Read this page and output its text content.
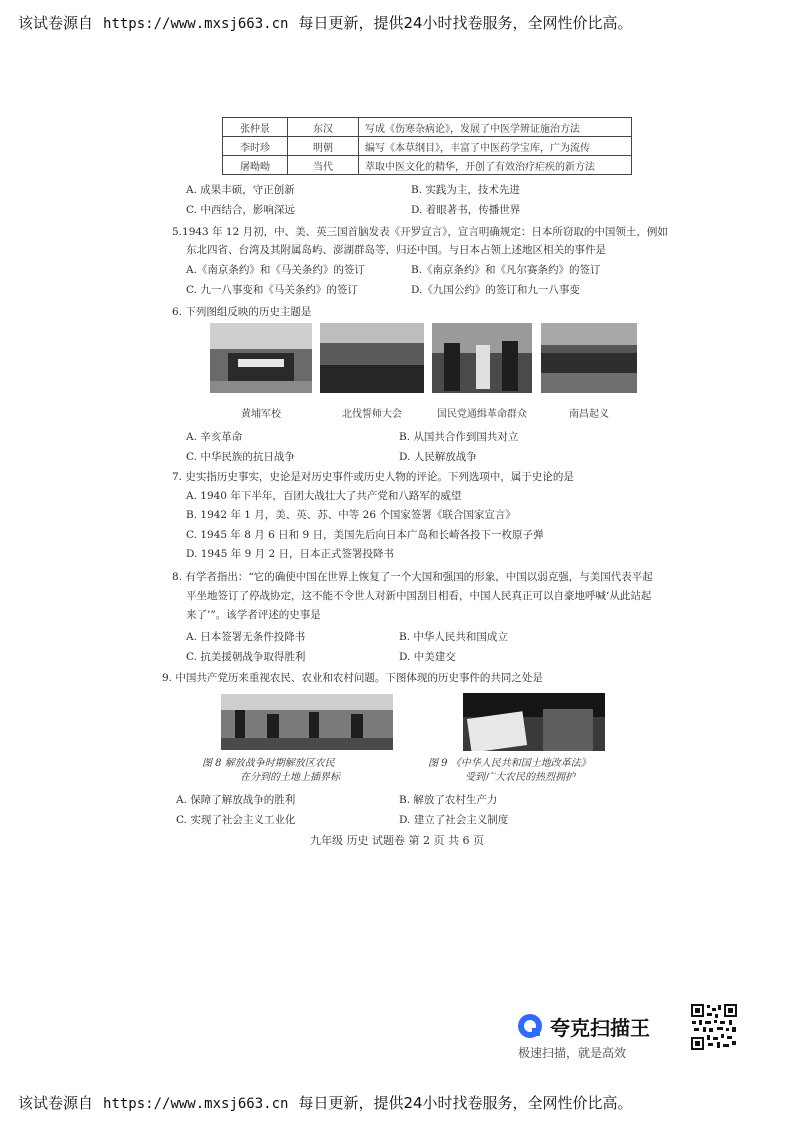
该试卷源自 https://www.mxsj663.cn 每日更新，提供24小时找卷服务，全网性价比高。
张仲景	东汉	写成《伤寒杂病论》，发展了中医学辨证施治方法
李时珍	明朝	编写《本草纲目》，丰富了中医药学宝库，广为流传
屠呦呦	当代	萃取中医文化的精华，开创了有效治疗疟疾的新方法
A. 成果丰硕，守正创新	B. 实践为主，技术先进
C. 中西结合，影响深远	D. 着眼著书，传播世界
5.1943 年 12 月初，中、美、英三国首脑发表《开罗宣言》，宣言明确规定：日本所窃取的中国领土，例如
东北四省、台湾及其附属岛屿、澎湖群岛等，归还中国。与日本占领上述地区相关的事件是
A.《南京条约》和《马关条约》的签订	B.《南京条约》和《凡尔赛条约》的签订
C. 九一八事变和《马关条约》的签订	D.《九国公约》的签订和九一八事变
6. 下列图组反映的历史主题是
黄埔军校	北伐誓师大会	国民党通缉革命群众	南昌起义
A. 辛亥革命	B. 从国共合作到国共对立
C. 中华民族的抗日战争	D. 人民解放战争
7. 史实指历史事实，史论是对历史事件或历史人物的评论。下列选项中，属于史论的是
A. 1940 年下半年，百团大战壮大了共产党和八路军的威望
B. 1942 年 1 月，美、英、苏、中等 26 个国家签署《联合国家宣言》
C. 1945 年 8 月 6 日和 9 日，美国先后向日本广岛和长崎各投下一枚原子弹
D. 1945 年 9 月 2 日，日本正式签署投降书
8. 有学者指出：“它的确使中国在世界上恢复了一个大国和强国的形象，中国以弱克强，与美国代表平起
平坐地签订了停战协定，这不能不令世人对新中国刮目相看，中国人民真正可以自豪地呼喊‘从此站起
来了’”。该学者评述的史事是
A. 日本签署无条件投降书	B. 中华人民共和国成立
C. 抗美援朝战争取得胜利	D. 中美建交
9. 中国共产党历来重视农民、农业和农村问题。下图体现的历史事件的共同之处是
图 8 解放战争时期解放区农民
在分到的土地上插界标
图 9 《中华人民共和国土地改革法》
受到广大农民的热烈拥护
A. 保障了解放战争的胜利	B. 解放了农村生产力
C. 实现了社会主义工业化	D. 建立了社会主义制度
九年级 历史 试题卷 第 2 页 共 6 页
夸克扫描王
极速扫描，就是高效
该试卷源自 https://www.mxsj663.cn 每日更新，提供24小时找卷服务，全网性价比高。
